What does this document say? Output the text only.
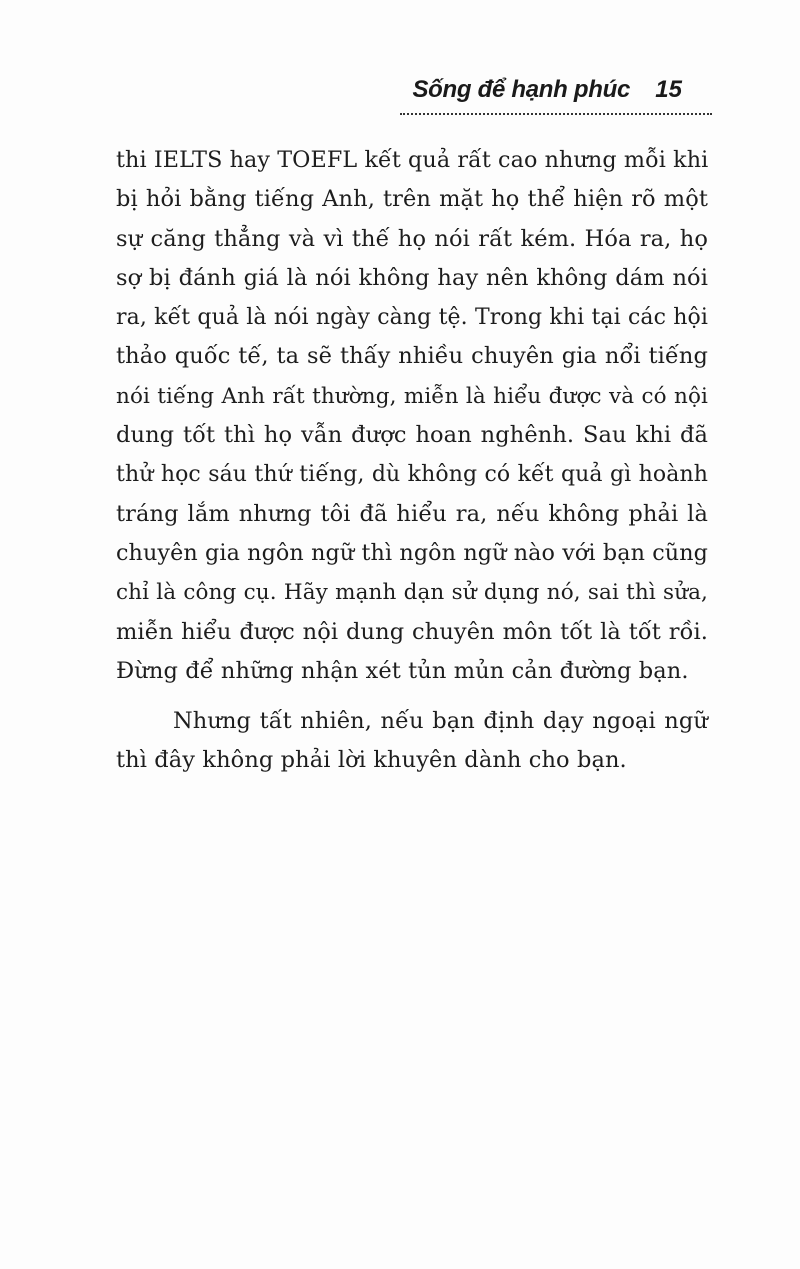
Sống để hạnh phúc 15
thi IELTS hay TOEFL kết quả rất cao nhưng mỗi khi
bị hỏi bằng tiếng Anh, trên mặt họ thể hiện rõ một
sự căng thẳng và vì thế họ nói rất kém. Hóa ra, họ
sợ bị đánh giá là nói không hay nên không dám nói
ra, kết quả là nói ngày càng tệ. Trong khi tại các hội
thảo quốc tế, ta sẽ thấy nhiều chuyên gia nổi tiếng
nói tiếng Anh rất thường, miễn là hiểu được và có nội
dung tốt thì họ vẫn được hoan nghênh. Sau khi đã
thử học sáu thứ tiếng, dù không có kết quả gì hoành
tráng lắm nhưng tôi đã hiểu ra, nếu không phải là
chuyên gia ngôn ngữ thì ngôn ngữ nào với bạn cũng
chỉ là công cụ. Hãy mạnh dạn sử dụng nó, sai thì sửa,
miễn hiểu được nội dung chuyên môn tốt là tốt rồi.
Đừng để những nhận xét tủn mủn cản đường bạn.
Nhưng tất nhiên, nếu bạn định dạy ngoại ngữ
thì đây không phải lời khuyên dành cho bạn.
